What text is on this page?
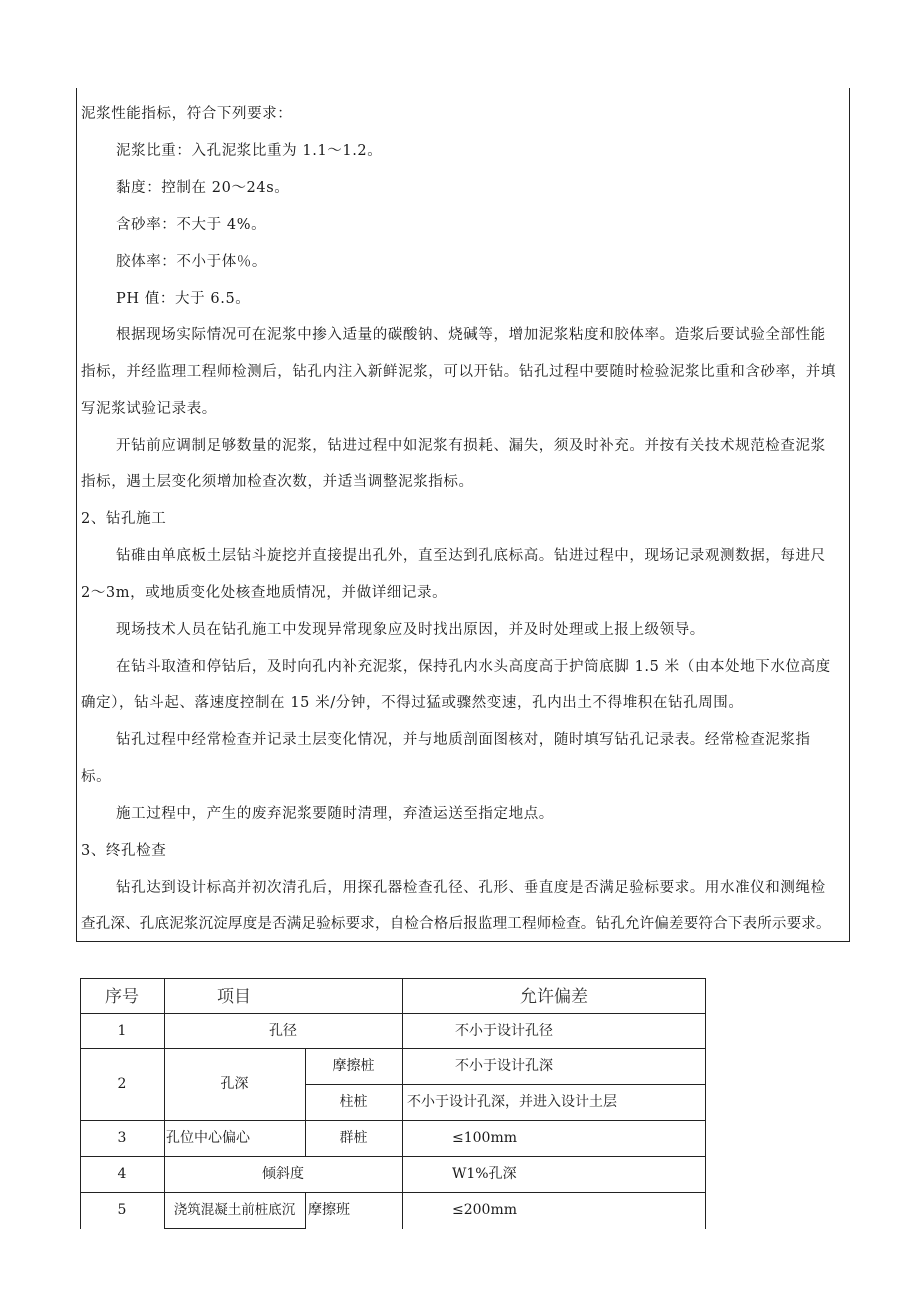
泥浆性能指标，符合下列要求：
泥浆比重：入孔泥浆比重为 1.1～1.2。
黏度：控制在 20～24s。
含砂率：不大于 4%。
胶体率：不小于体％。
PH 值：大于 6.5。
根据现场实际情况可在泥浆中掺入适量的碳酸钠、烧碱等，增加泥浆粘度和胶体率。造浆后要试验全部性能
指标，并经监理工程师检测后，钻孔内注入新鲜泥浆，可以开钻。钻孔过程中要随时检验泥浆比重和含砂率，并填
写泥浆试验记录表。
开钻前应调制足够数量的泥浆，钻进过程中如泥浆有损耗、漏失，须及时补充。并按有关技术规范检查泥浆
指标，遇土层变化须增加检查次数，并适当调整泥浆指标。
2、钻孔施工
钻碓由单底板土层钻斗旋挖并直接提出孔外，直至达到孔底标高。钻进过程中，现场记录观测数据，每进尺
2～3m，或地质变化处核查地质情况，并做详细记录。
现场技术人员在钻孔施工中发现异常现象应及时找出原因，并及时处理或上报上级领导。
在钻斗取渣和停钻后，及时向孔内补充泥浆，保持孔内水头高度高于护筒底脚 1.5 米（由本处地下水位高度
确定），钻斗起、落速度控制在 15 米/分钟，不得过猛或骤然变速，孔内出土不得堆积在钻孔周围。
钻孔过程中经常检查并记录土层变化情况，并与地质剖面图核对，随时填写钻孔记录表。经常检查泥浆指
标。
施工过程中，产生的废弃泥浆要随时清理，弃渣运送至指定地点。
3、终孔检查
钻孔达到设计标高并初次清孔后，用探孔器检查孔径、孔形、垂直度是否满足验标要求。用水准仪和测绳检
查孔深、孔底泥浆沉淀厚度是否满足验标要求，自检合格后报监理工程师检查。钻孔允许偏差要符合下表所示要求。
序号	项目	允许偏差
1	孔径	不小于设计孔径
2	孔深
摩擦桩	不小于设计孔深
柱桩	不小于设计孔深，并进入设计土层
3	孔位中心偏心	群桩	≤100mm
4	倾斜度	W1%孔深
5	浇筑混凝土前桩底沉 摩擦班	≤200mm
